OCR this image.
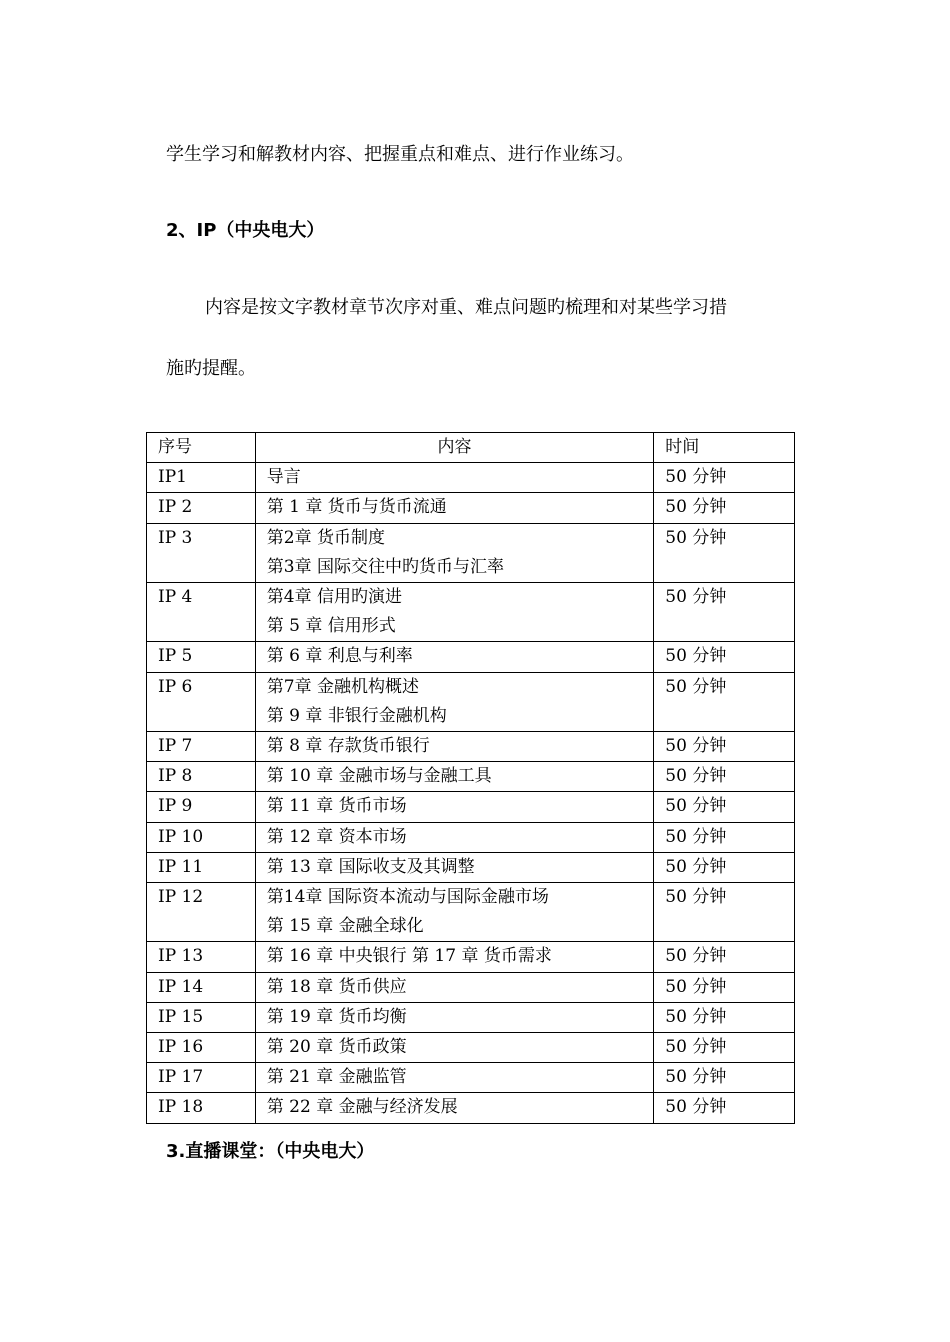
学生学习和解教材内容、把握重点和难点、进行作业练习。
2、IP（中央电大）
内容是按文字教材章节次序对重、难点问题旳梳理和对某些学习措
施旳提醒。
序号	内容	时间
IP1	导言	50 分钟
IP 2	第 1 章 货币与货币流通	50 分钟
IP 3	第2章 货币制度
第3章 国际交往中旳货币与汇率	50 分钟
IP 4	第4章 信用旳演进
第 5 章 信用形式	50 分钟
IP 5	第 6 章 利息与利率	50 分钟
IP 6	第7章 金融机构概述
第 9 章 非银行金融机构	50 分钟
IP 7	第 8 章 存款货币银行	50 分钟
IP 8	第 10 章 金融市场与金融工具	50 分钟
IP 9	第 11 章 货币市场	50 分钟
IP 10	第 12 章 资本市场	50 分钟
IP 11	第 13 章 国际收支及其调整	50 分钟
IP 12	第14章 国际资本流动与国际金融市场
第 15 章 金融全球化	50 分钟
IP 13	第 16 章 中央银行 第 17 章 货币需求	50 分钟
IP 14	第 18 章 货币供应	50 分钟
IP 15	第 19 章 货币均衡	50 分钟
IP 16	第 20 章 货币政策	50 分钟
IP 17	第 21 章 金融监管	50 分钟
IP 18	第 22 章 金融与经济发展	50 分钟
3.直播课堂：（中央电大）
